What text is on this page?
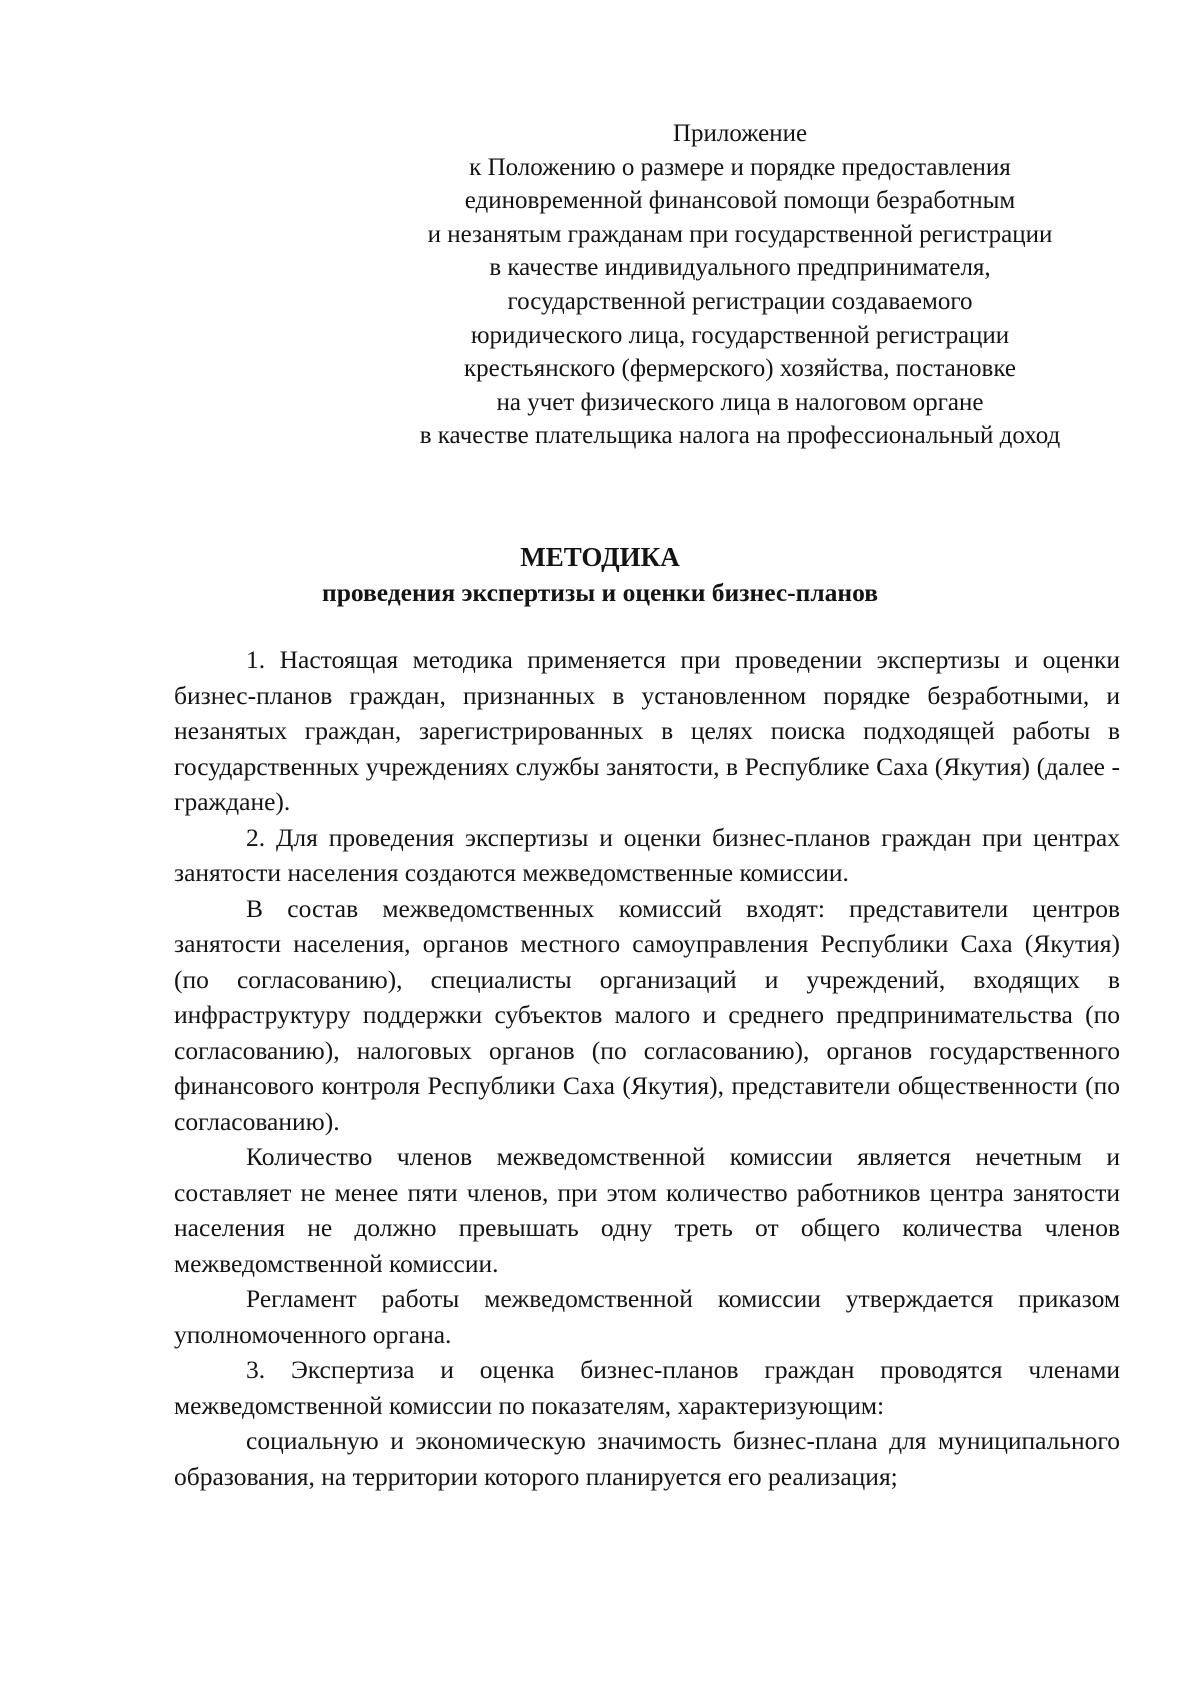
Приложение
к Положению о размере и порядке предоставления
единовременной финансовой помощи безработным
и незанятым гражданам при государственной регистрации
в качестве индивидуального предпринимателя,
государственной регистрации создаваемого
юридического лица, государственной регистрации
крестьянского (фермерского) хозяйства, постановке
на учет физического лица в налоговом органе
в качестве плательщика налога на профессиональный доход
МЕТОДИКА
проведения экспертизы и оценки бизнес-планов

1. Настоящая методика применяется при проведении экспертизы и оценки бизнес-планов граждан, признанных в установленном порядке безработными, и незанятых граждан, зарегистрированных в целях поиска подходящей работы в государственных учреждениях службы занятости, в Республике Саха (Якутия) (далее - граждане).

2. Для проведения экспертизы и оценки бизнес-планов граждан при центрах занятости населения создаются межведомственные комиссии.

В состав межведомственных комиссий входят: представители центров занятости населения, органов местного самоуправления Республики Саха (Якутия) (по согласованию), специалисты организаций и учреждений, входящих в инфраструктуру поддержки субъектов малого и среднего предпринимательства (по согласованию), налоговых органов (по согласованию), органов государственного финансового контроля Республики Саха (Якутия), представители общественности (по согласованию).

Количество членов межведомственной комиссии является нечетным и составляет не менее пяти членов, при этом количество работников центра занятости населения не должно превышать одну треть от общего количества членов межведомственной комиссии.

Регламент работы межведомственной комиссии утверждается приказом уполномоченного органа.

3. Экспертиза и оценка бизнес-планов граждан проводятся членами межведомственной комиссии по показателям, характеризующим:

социальную и экономическую значимость бизнес-плана для муниципального образования, на территории которого планируется его реализация;
